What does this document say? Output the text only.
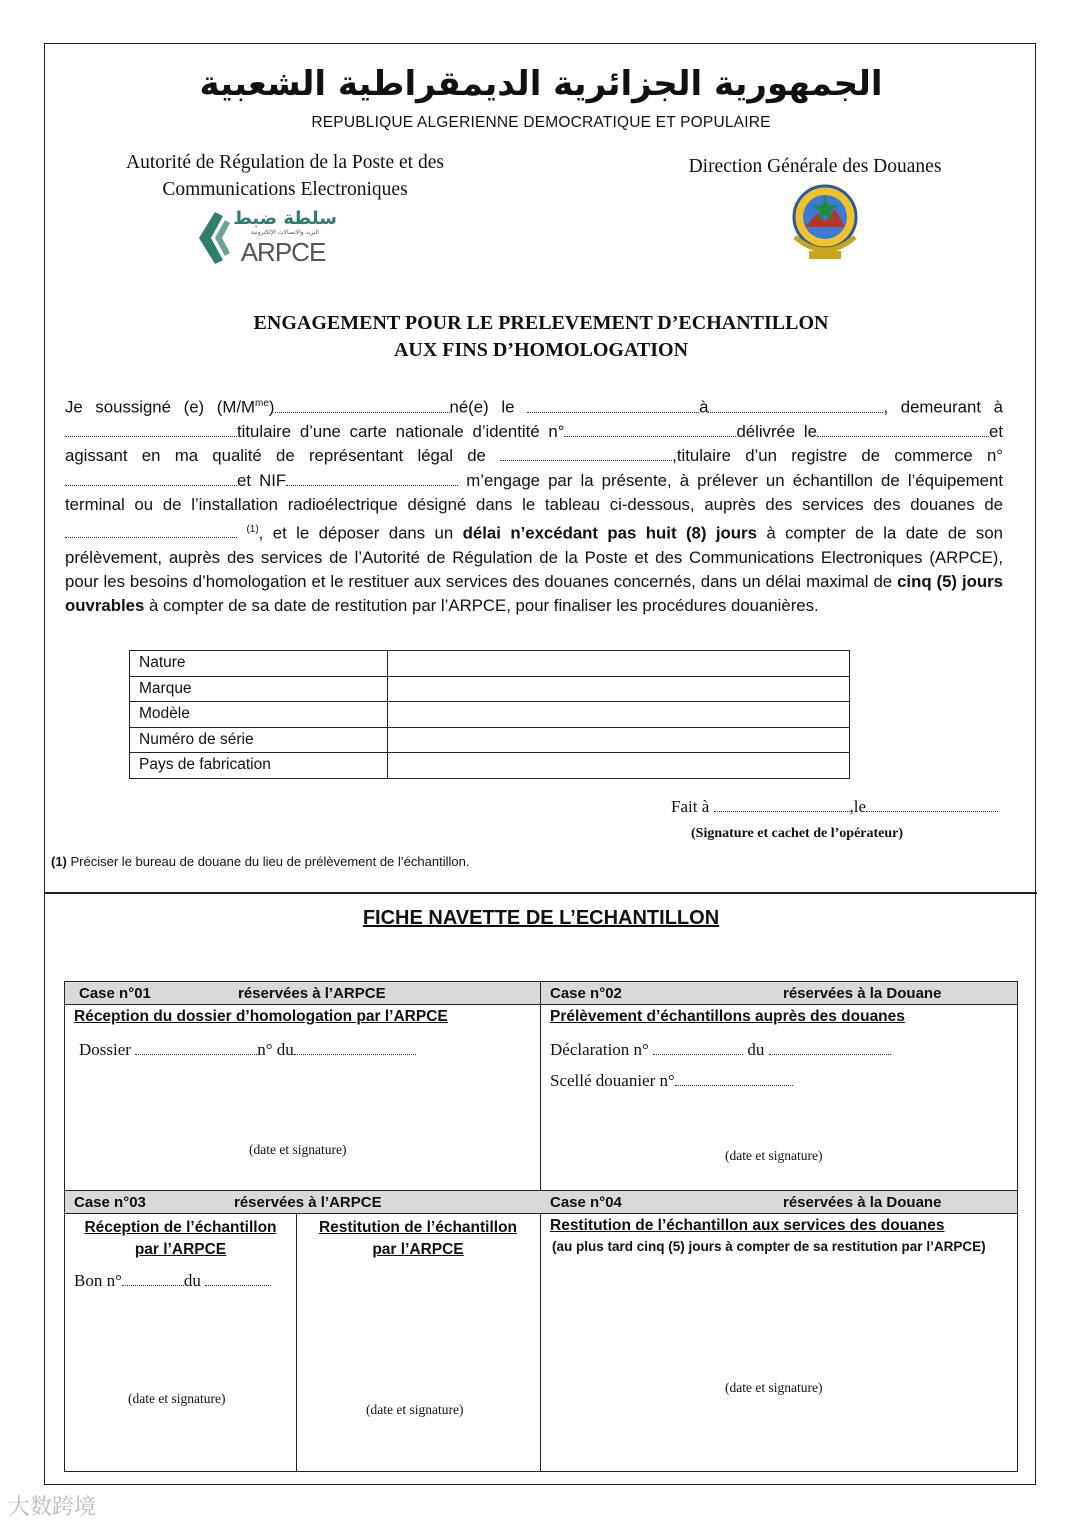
الجمهورية الجزائرية الديمقراطية الشعبية
REPUBLIQUE ALGERIENNE DEMOCRATIQUE ET POPULAIRE
Autorité de Régulation de la Poste et des
Communications Electroniques
Direction Générale des Douanes
سلطة ضبط
البريد والاتصالات الإلكترونية
ARPCE
ENGAGEMENT POUR LE PRELEVEMENT D’ECHANTILLON
AUX FINS D’HOMOLOGATION
Je soussigné (e) $(M/M^{me})$	né(e) le	à	, demeurant à titulaire d’une carte nationale d’identité n°	délivrée le	et agissant en ma qualité de représentant légal de	,titulaire d’un registre de commerce n°et NIF	m’engage par la présente, à prélever un échantillon de l’équipement terminal ou de l’installation radioélectrique désigné dans le tableau ci-dessous, auprès des services des douanes de  $^{(1)}$, et le déposer dans un délai n’excédant pas huit (8) jours à compter de la date de son prélèvement, auprès des services de l’Autorité de Régulation de la Poste et des Communications Electroniques (ARPCE), pour les besoins d’homologation et le restituer aux services des douanes concernés, dans un délai maximal de cinq (5) jours ouvrables à compter de sa date de restitution par l’ARPCE, pour finaliser les procédures douanières.
Nature	
Marque	
Modèle	
Numéro de série	
Pays de fabrication	
Fait à	,le
(Signature et cachet de l’opérateur)
(1) Préciser le bureau de douane du lieu de prélèvement de l’échantillon.
FICHE NAVETTE DE L’ECHANTILLON
Case n°01	réservées à l’ARPCE	Case n°02	réservées à la Douane
Réception du dossier d’homologation par l’ARPCE
Dossier	n° du
(date et signature)
Prélèvement d’échantillons auprès des douanes
Déclaration n°	du
Scellé douanier n°
(date et signature)
Case n°03	réservées à l’ARPCE	Case n°04	réservées à la Douane
Réception de l’échantillon
par l’ARPCE
Restitution de l’échantillon
par l’ARPCE
Bon n°	du
(date et signature)
(date et signature)
Restitution de l’échantillon aux services des douanes
(au plus tard cinq (5) jours à compter de sa restitution par l’ARPCE)
(date et signature)
大数跨境
